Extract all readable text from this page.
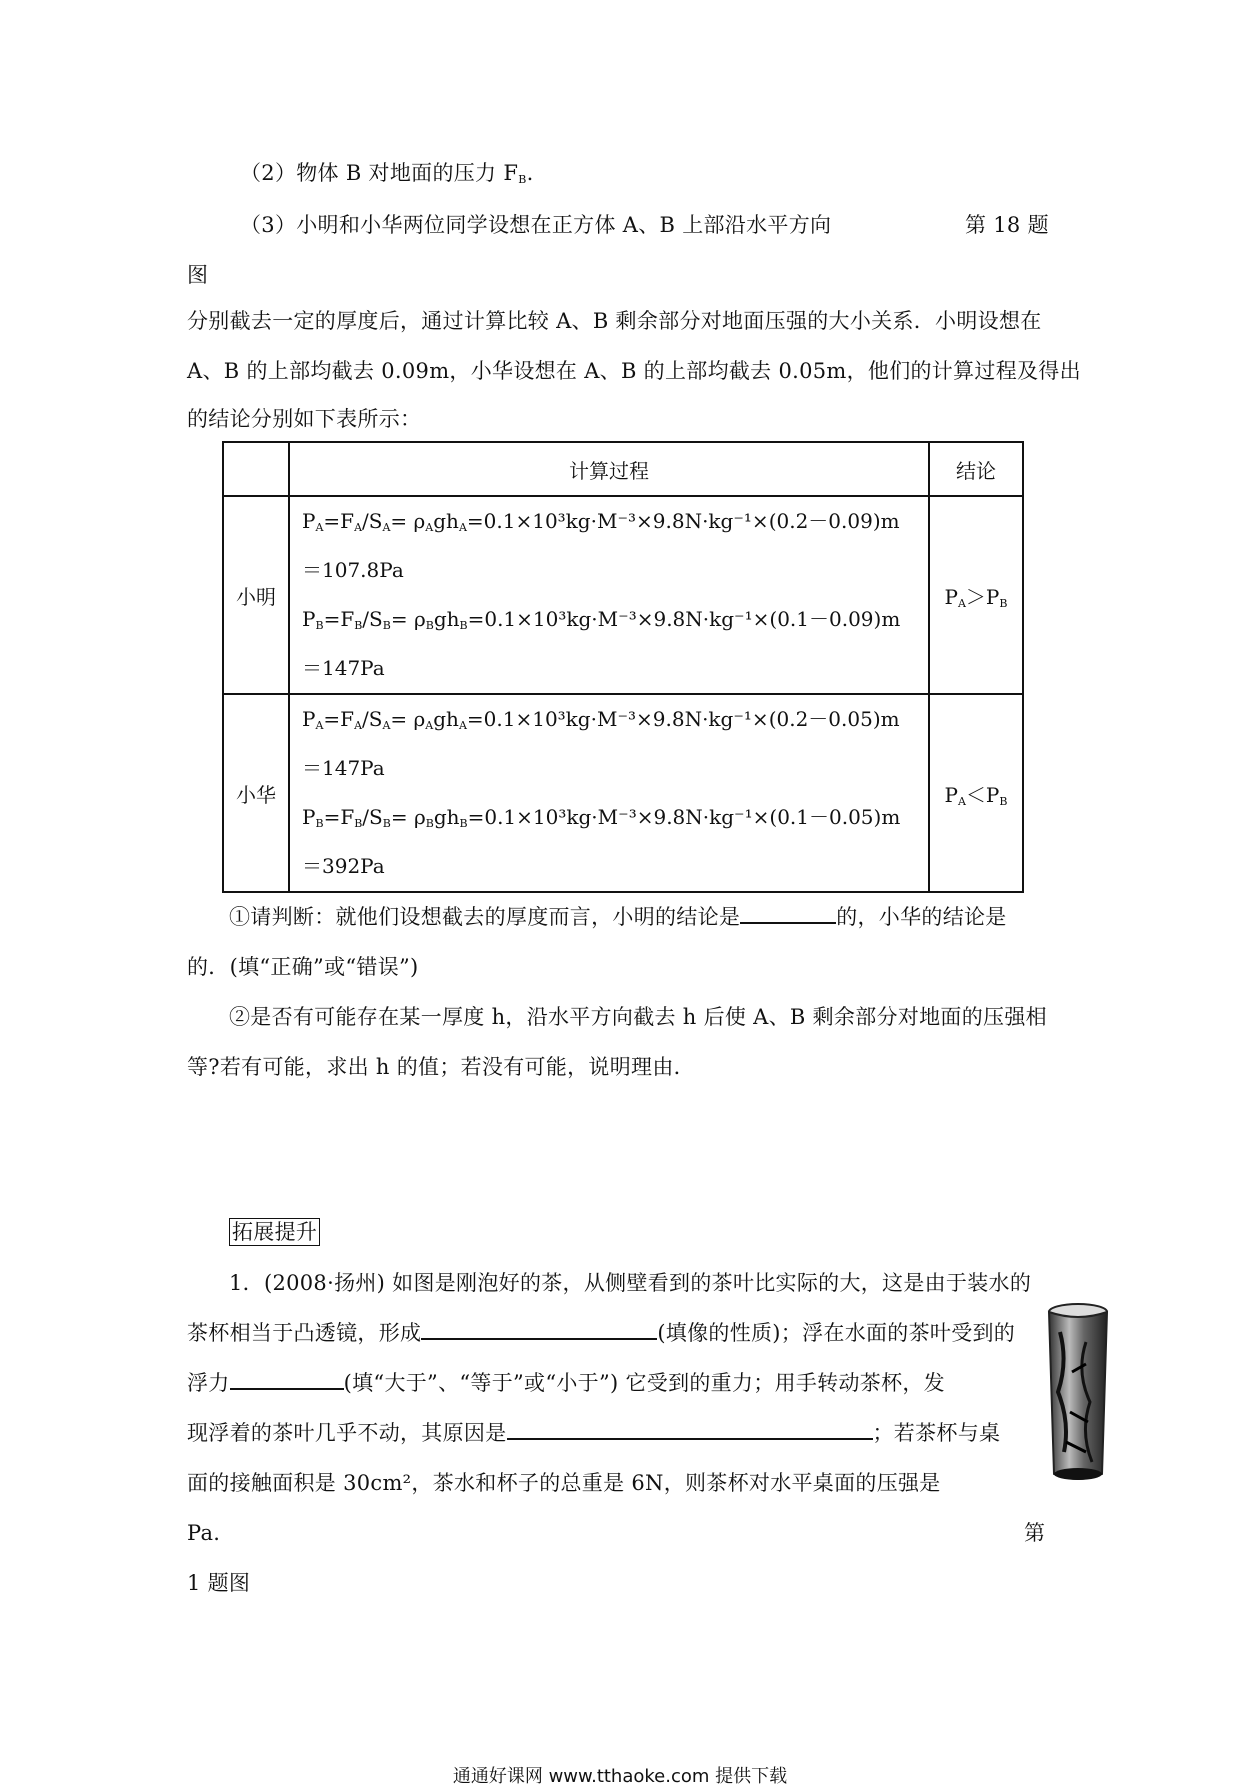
（2）物体 B 对地面的压力 $F_B$.
（3）小明和小华两位同学设想在正方体 A、B 上部沿水平方向	第 18 题
图
分别截去一定的厚度后，通过计算比较 A、B 剩余部分对地面压强的大小关系．小明设想在
A、B 的上部均截去 0.09m，小华设想在 A、B 的上部均截去 0.05m，他们的计算过程及得出
的结论分别如下表所示：
	计算过程	结论
小明	$P_A=F_A/S_A= \rho_Agh_A=0.1\times 10^3kg\cdot M^{-3}\times 9.8N\cdot kg^{-1}\times(0.2-0.09)m$
＝107.8Pa
$P_B=F_B/S_B= \rho_Bgh_B=0.1\times 10^3kg\cdot M^{-3}\times 9.8N\cdot kg^{-1}\times(0.1-0.09)m$
＝147Pa	$P_A>P_B$
小华	$P_A=F_A/S_A= \rho_Agh_A=0.1\times 10^3kg\cdot M^{-3}\times 9.8N\cdot kg^{-1}\times(0.2-0.05)m$
＝147Pa
$P_B=F_B/S_B= \rho_Bgh_B=0.1\times 10^3kg\cdot M^{-3}\times 9.8N\cdot kg^{-1}\times(0.1-0.05)m$
＝392Pa	$P_A<P_B$
①请判断：就他们设想截去的厚度而言，小明的结论是	的，小华的结论是
的．(填“正确”或“错误”)
②是否有可能存在某一厚度 h，沿水平方向截去 h 后使 A、B 剩余部分对地面的压强相
等?若有可能，求出 h 的值；若没有可能，说明理由．
拓展提升
1．(2008·扬州) 如图是刚泡好的茶，从侧壁看到的茶叶比实际的大，这是由于装水的
茶杯相当于凸透镜，形成	(填像的性质)；浮在水面的茶叶受到的
浮力	(填“大于”、“等于”或“小于”) 它受到的重力；用手转动茶杯，发
现浮着的茶叶几乎不动，其原因是	；若茶杯与桌
面的接触面积是 30cm²，茶水和杯子的总重是 6N，则茶杯对水平桌面的压强是
Pa.	第
1 题图
通通好课网 www.tthaoke.com 提供下载
